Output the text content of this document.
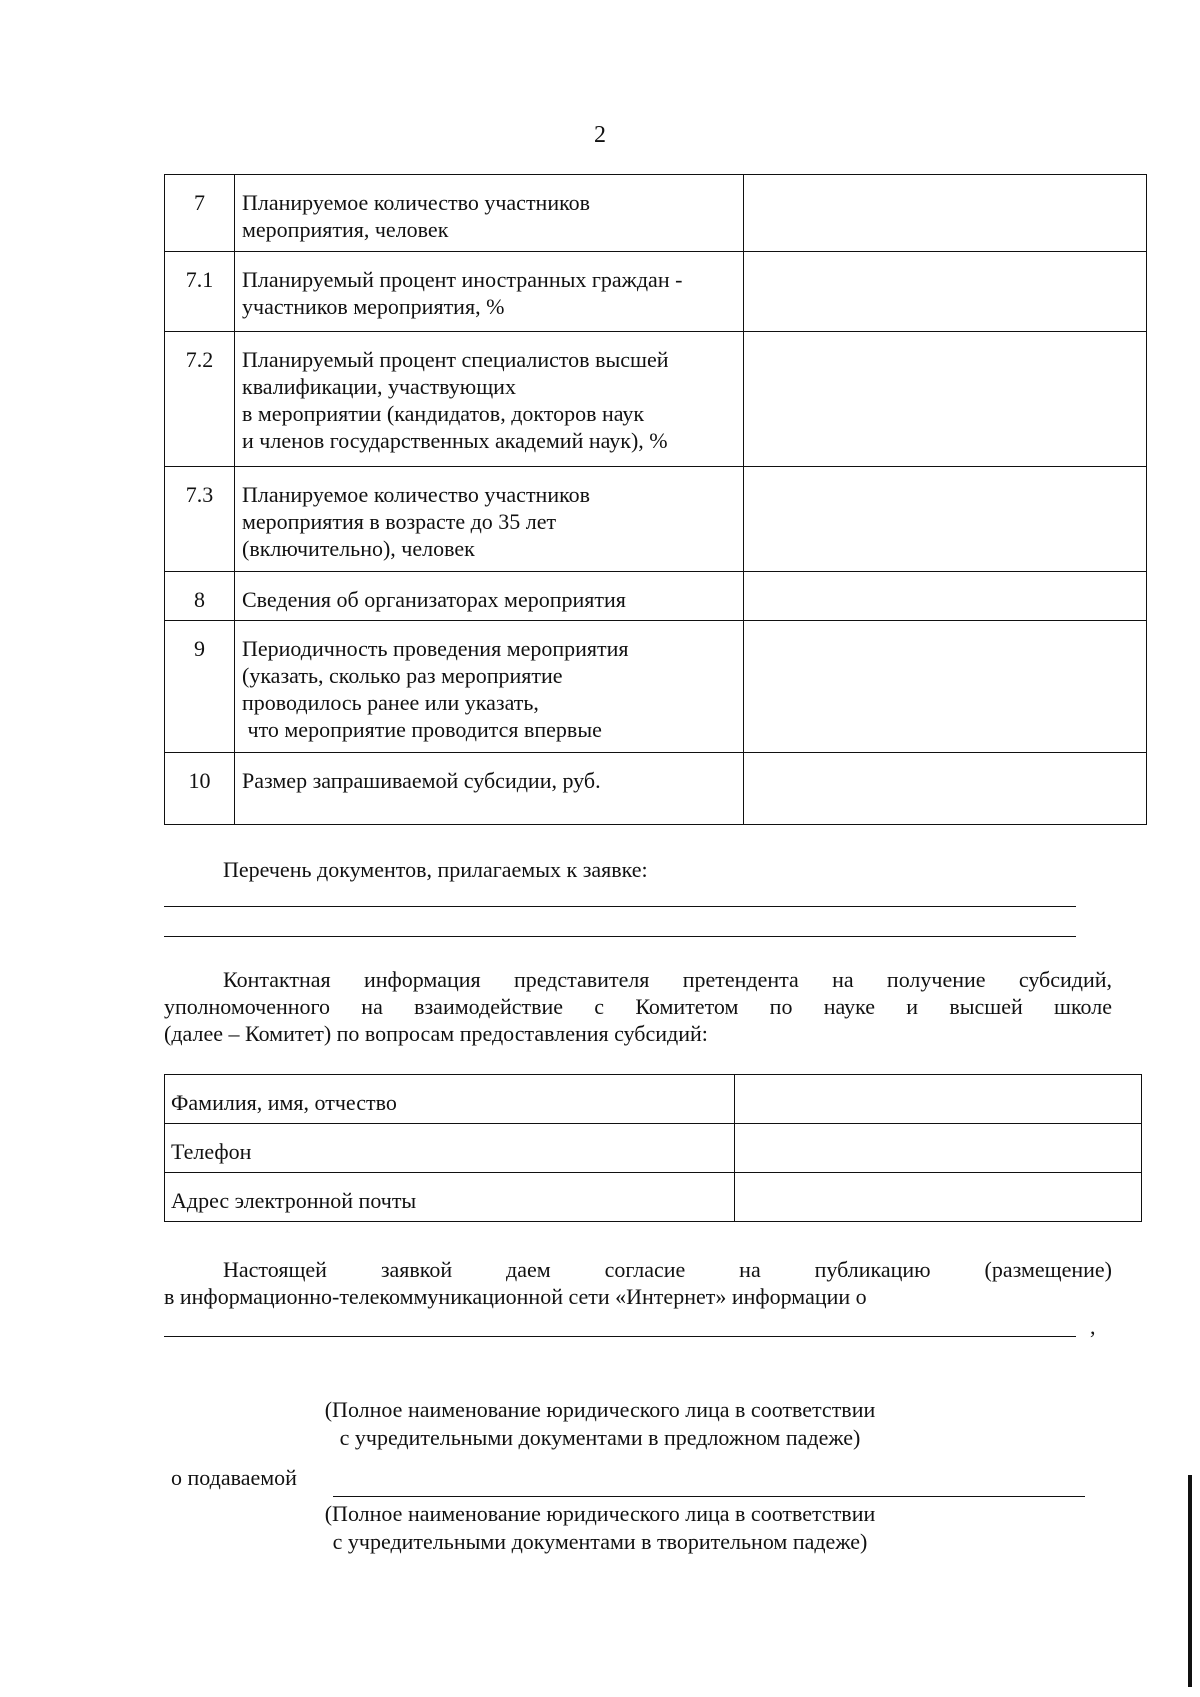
2
7	Планируемое количество участников
мероприятия, человек	

7.1	Планируемый процент иностранных граждан -
участников мероприятия, %	

7.2	Планируемый процент специалистов высшей
квалификации, участвующих
в мероприятии (кандидатов, докторов наук
и членов государственных академий наук), %	

7.3	Планируемое количество участников
мероприятия в возрасте до 35 лет
(включительно), человек	

8	Сведения об организаторах мероприятия	

9	Периодичность проведения мероприятия
(указать, сколько раз мероприятие
проводилось ранее или указать,
что мероприятие проводится впервые	

10	Размер запрашиваемой субсидии, руб.	

Перечень документов, прилагаемых к заявке:
Контактная информация представителя претендента на получение субсидий,
уполномоченного на взаимодействие с Комитетом по науке и высшей школе
(далее – Комитет) по вопросам предоставления субсидий:
Фамилия, имя, отчество	
Телефон	
Адрес электронной почты	
Настоящей заявкой даем согласие на публикацию (размещение)
в информационно-телекоммуникационной сети «Интернет» информации о
,
(Полное наименование юридического лица в соответствии
с учредительными документами в предложном падеже)
о подаваемой
(Полное наименование юридического лица в соответствии
с учредительными документами в творительном падеже)
